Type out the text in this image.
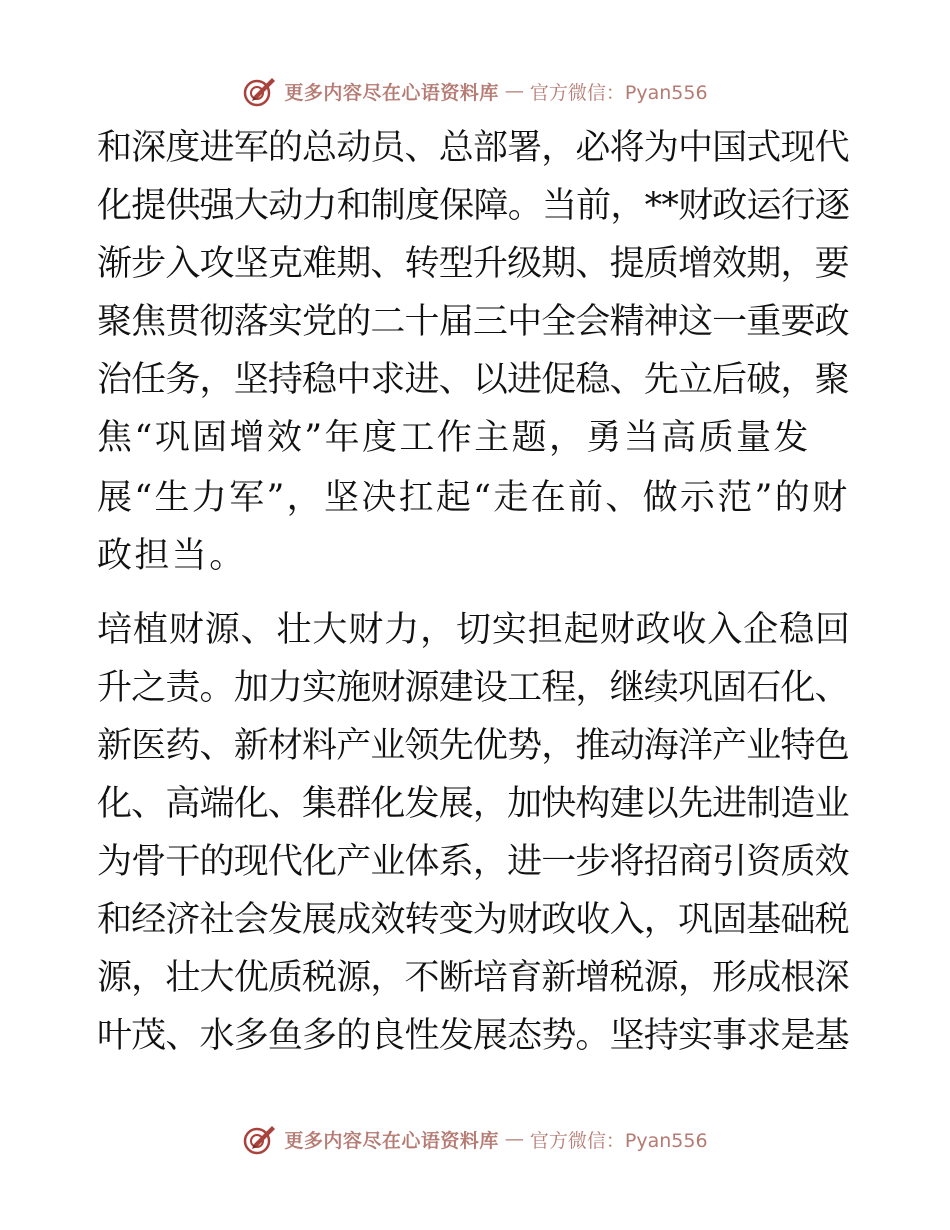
更多内容尽在心语资料库 — 官方微信：Pyan556
和深度进军的总动员、总部署，必将为中国式现代
化提供强大动力和制度保障。当前，**财政运行逐
渐步入攻坚克难期、转型升级期、提质增效期，要
聚焦贯彻落实党的二十届三中全会精神这一重要政
治任务，坚持稳中求进、以进促稳、先立后破，聚
焦“巩固增效”年度工作主题，勇当高质量发
展“生力军”，坚决扛起“走在前、做示范”的财
政担当。
培植财源、壮大财力，切实担起财政收入企稳回
升之责。加力实施财源建设工程，继续巩固石化、
新医药、新材料产业领先优势，推动海洋产业特色
化、高端化、集群化发展，加快构建以先进制造业
为骨干的现代化产业体系，进一步将招商引资质效
和经济社会发展成效转变为财政收入，巩固基础税
源，壮大优质税源，不断培育新增税源，形成根深
叶茂、水多鱼多的良性发展态势。坚持实事求是基
更多内容尽在心语资料库 — 官方微信：Pyan556
